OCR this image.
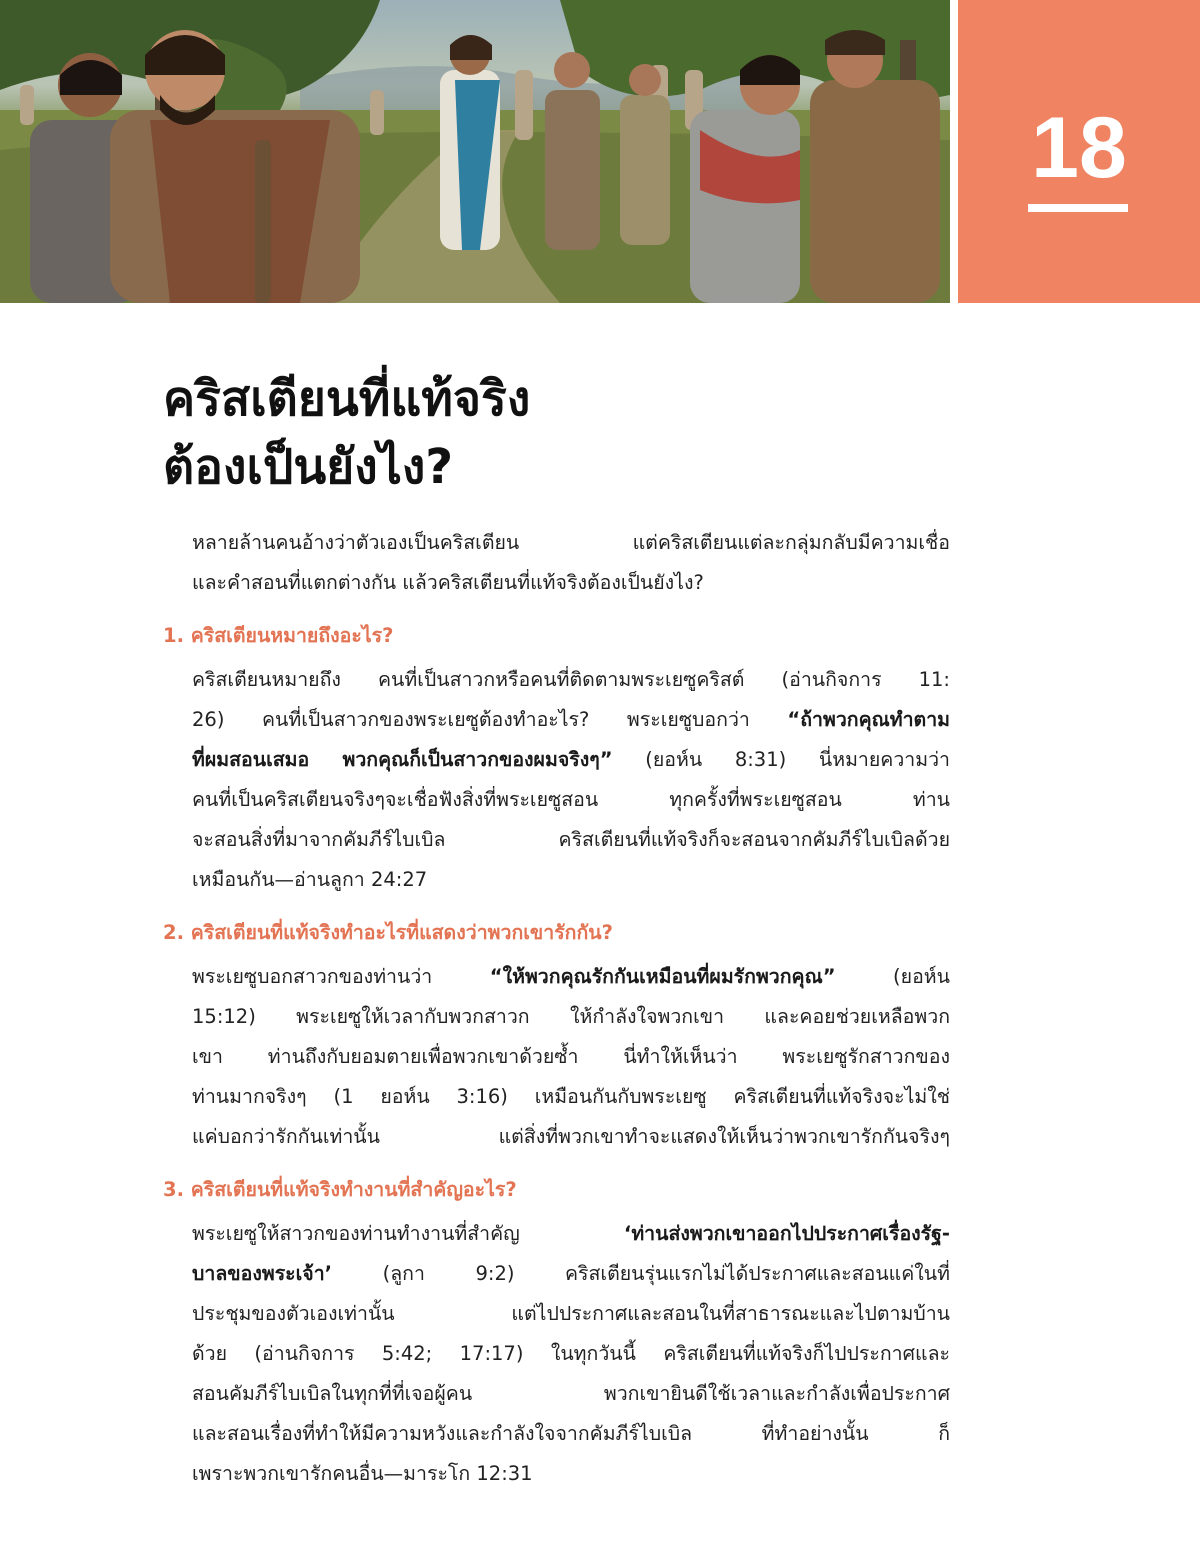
18
คริสเตียนที่แท้จริง
ต้องเป็นยังไง?
หลายล้านคนอ้างว่าตัวเองเป็นคริสเตียน แต่คริสเตียนแต่ละกลุ่มกลับมีความเชื่อ
และคำสอนที่แตกต่างกัน แล้วคริสเตียนที่แท้จริงต้องเป็นยังไง?
1. คริสเตียนหมายถึงอะไร?
คริสเตียนหมายถึง คนที่เป็นสาวกหรือคนที่ติดตามพระเยซูคริสต์ (อ่านกิจการ 11:
26) คนที่เป็นสาวกของพระเยซูต้องทำอะไร? พระเยซูบอกว่า “ถ้าพวกคุณทำตาม
ที่ผมสอนเสมอ พวกคุณก็เป็นสาวกของผมจริงๆ” (ยอห์น 8:31) นี่หมายความว่า
คนที่เป็นคริสเตียนจริงๆจะเชื่อฟังสิ่งที่พระเยซูสอน ทุกครั้งที่พระเยซูสอน ท่าน
จะสอนสิ่งที่มาจากคัมภีร์ไบเบิล คริสเตียนที่แท้จริงก็จะสอนจากคัมภีร์ไบเบิลด้วย
เหมือนกัน—อ่านลูกา 24:27
2. คริสเตียนที่แท้จริงทำอะไรที่แสดงว่าพวกเขารักกัน?
พระเยซูบอกสาวกของท่านว่า “ให้พวกคุณรักกันเหมือนที่ผมรักพวกคุณ” (ยอห์น
15:12) พระเยซูให้เวลากับพวกสาวก ให้กำลังใจพวกเขา และคอยช่วยเหลือพวก
เขา ท่านถึงกับยอมตายเพื่อพวกเขาด้วยซ้ำ นี่ทำให้เห็นว่า พระเยซูรักสาวกของ
ท่านมากจริงๆ (1 ยอห์น 3:16) เหมือนกันกับพระเยซู คริสเตียนที่แท้จริงจะไม่ใช่
แค่บอกว่ารักกันเท่านั้น แต่สิ่งที่พวกเขาทำจะแสดงให้เห็นว่าพวกเขารักกันจริงๆ
3. คริสเตียนที่แท้จริงทำงานที่สำคัญอะไร?
พระเยซูให้สาวกของท่านทำงานที่สำคัญ ‘ท่านส่งพวกเขาออกไปประกาศเรื่องรัฐ-
บาลของพระเจ้า’ (ลูกา 9:2) คริสเตียนรุ่นแรกไม่ได้ประกาศและสอนแค่ในที่
ประชุมของตัวเองเท่านั้น แต่ไปประกาศและสอนในที่สาธารณะและไปตามบ้าน
ด้วย (อ่านกิจการ 5:42; 17:17) ในทุกวันนี้ คริสเตียนที่แท้จริงก็ไปประกาศและ
สอนคัมภีร์ไบเบิลในทุกที่ที่เจอผู้คน พวกเขายินดีใช้เวลาและกำลังเพื่อประกาศ
และสอนเรื่องที่ทำให้มีความหวังและกำลังใจจากคัมภีร์ไบเบิล ที่ทำอย่างนั้น ก็
เพราะพวกเขารักคนอื่น—มาระโก 12:31
